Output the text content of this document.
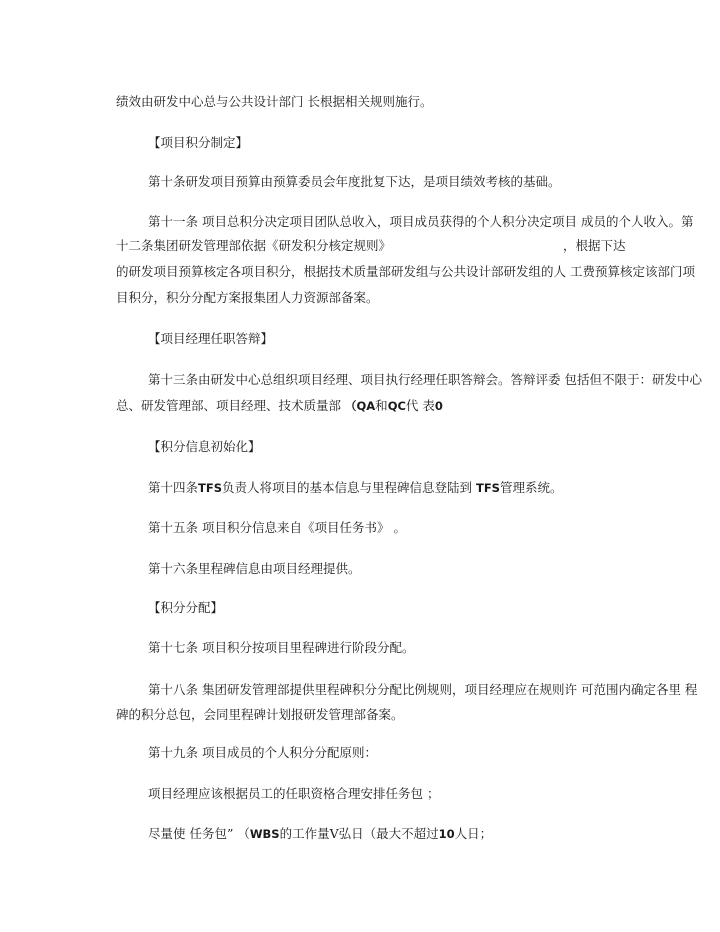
绩效由研发中心总与公共设计部门 长根据相关规则施行。
【项目积分制定】
第十条研发项目预算由预算委员会年度批复下达，是项目绩效考核的基础。
第十一条 项目总积分决定项目团队总收入，项目成员获得的个人积分决定项目 成员的个人收入。第
十二条集团研发管理部依据《研发积分核定规则》	，根据下达
的研发项目预算核定各项目积分，根据技术质量部研发组与公共设计部研发组的人 工费预算核定该部门项
目积分，积分分配方案报集团人力资源部备案。
【项目经理任职答辩】
第十三条由研发中心总组织项目经理、项目执行经理任职答辩会。答辩评委 包括但不限于：研发中心
总、研发管理部、项目经理、技术质量部 （QA和QC代 表0
【积分信息初始化】
第十四条TFS负责人将项目的基本信息与里程碑信息登陆到 TFS管理系统。
第十五条 项目积分信息来自《项目任务书》 。
第十六条里程碑信息由项目经理提供。
【积分分配】
第十七条 项目积分按项目里程碑进行阶段分配。
第十八条 集团研发管理部提供里程碑积分分配比例规则，项目经理应在规则许 可范围内确定各里 程
碑的积分总包，会同里程碑计划报研发管理部备案。
第十九条 项目成员的个人积分分配原则：
项目经理应该根据员工的任职资格合理安排任务包 ；
尽量使 任务包” （WBS的工作量V弘日（最大不超过10人日；
